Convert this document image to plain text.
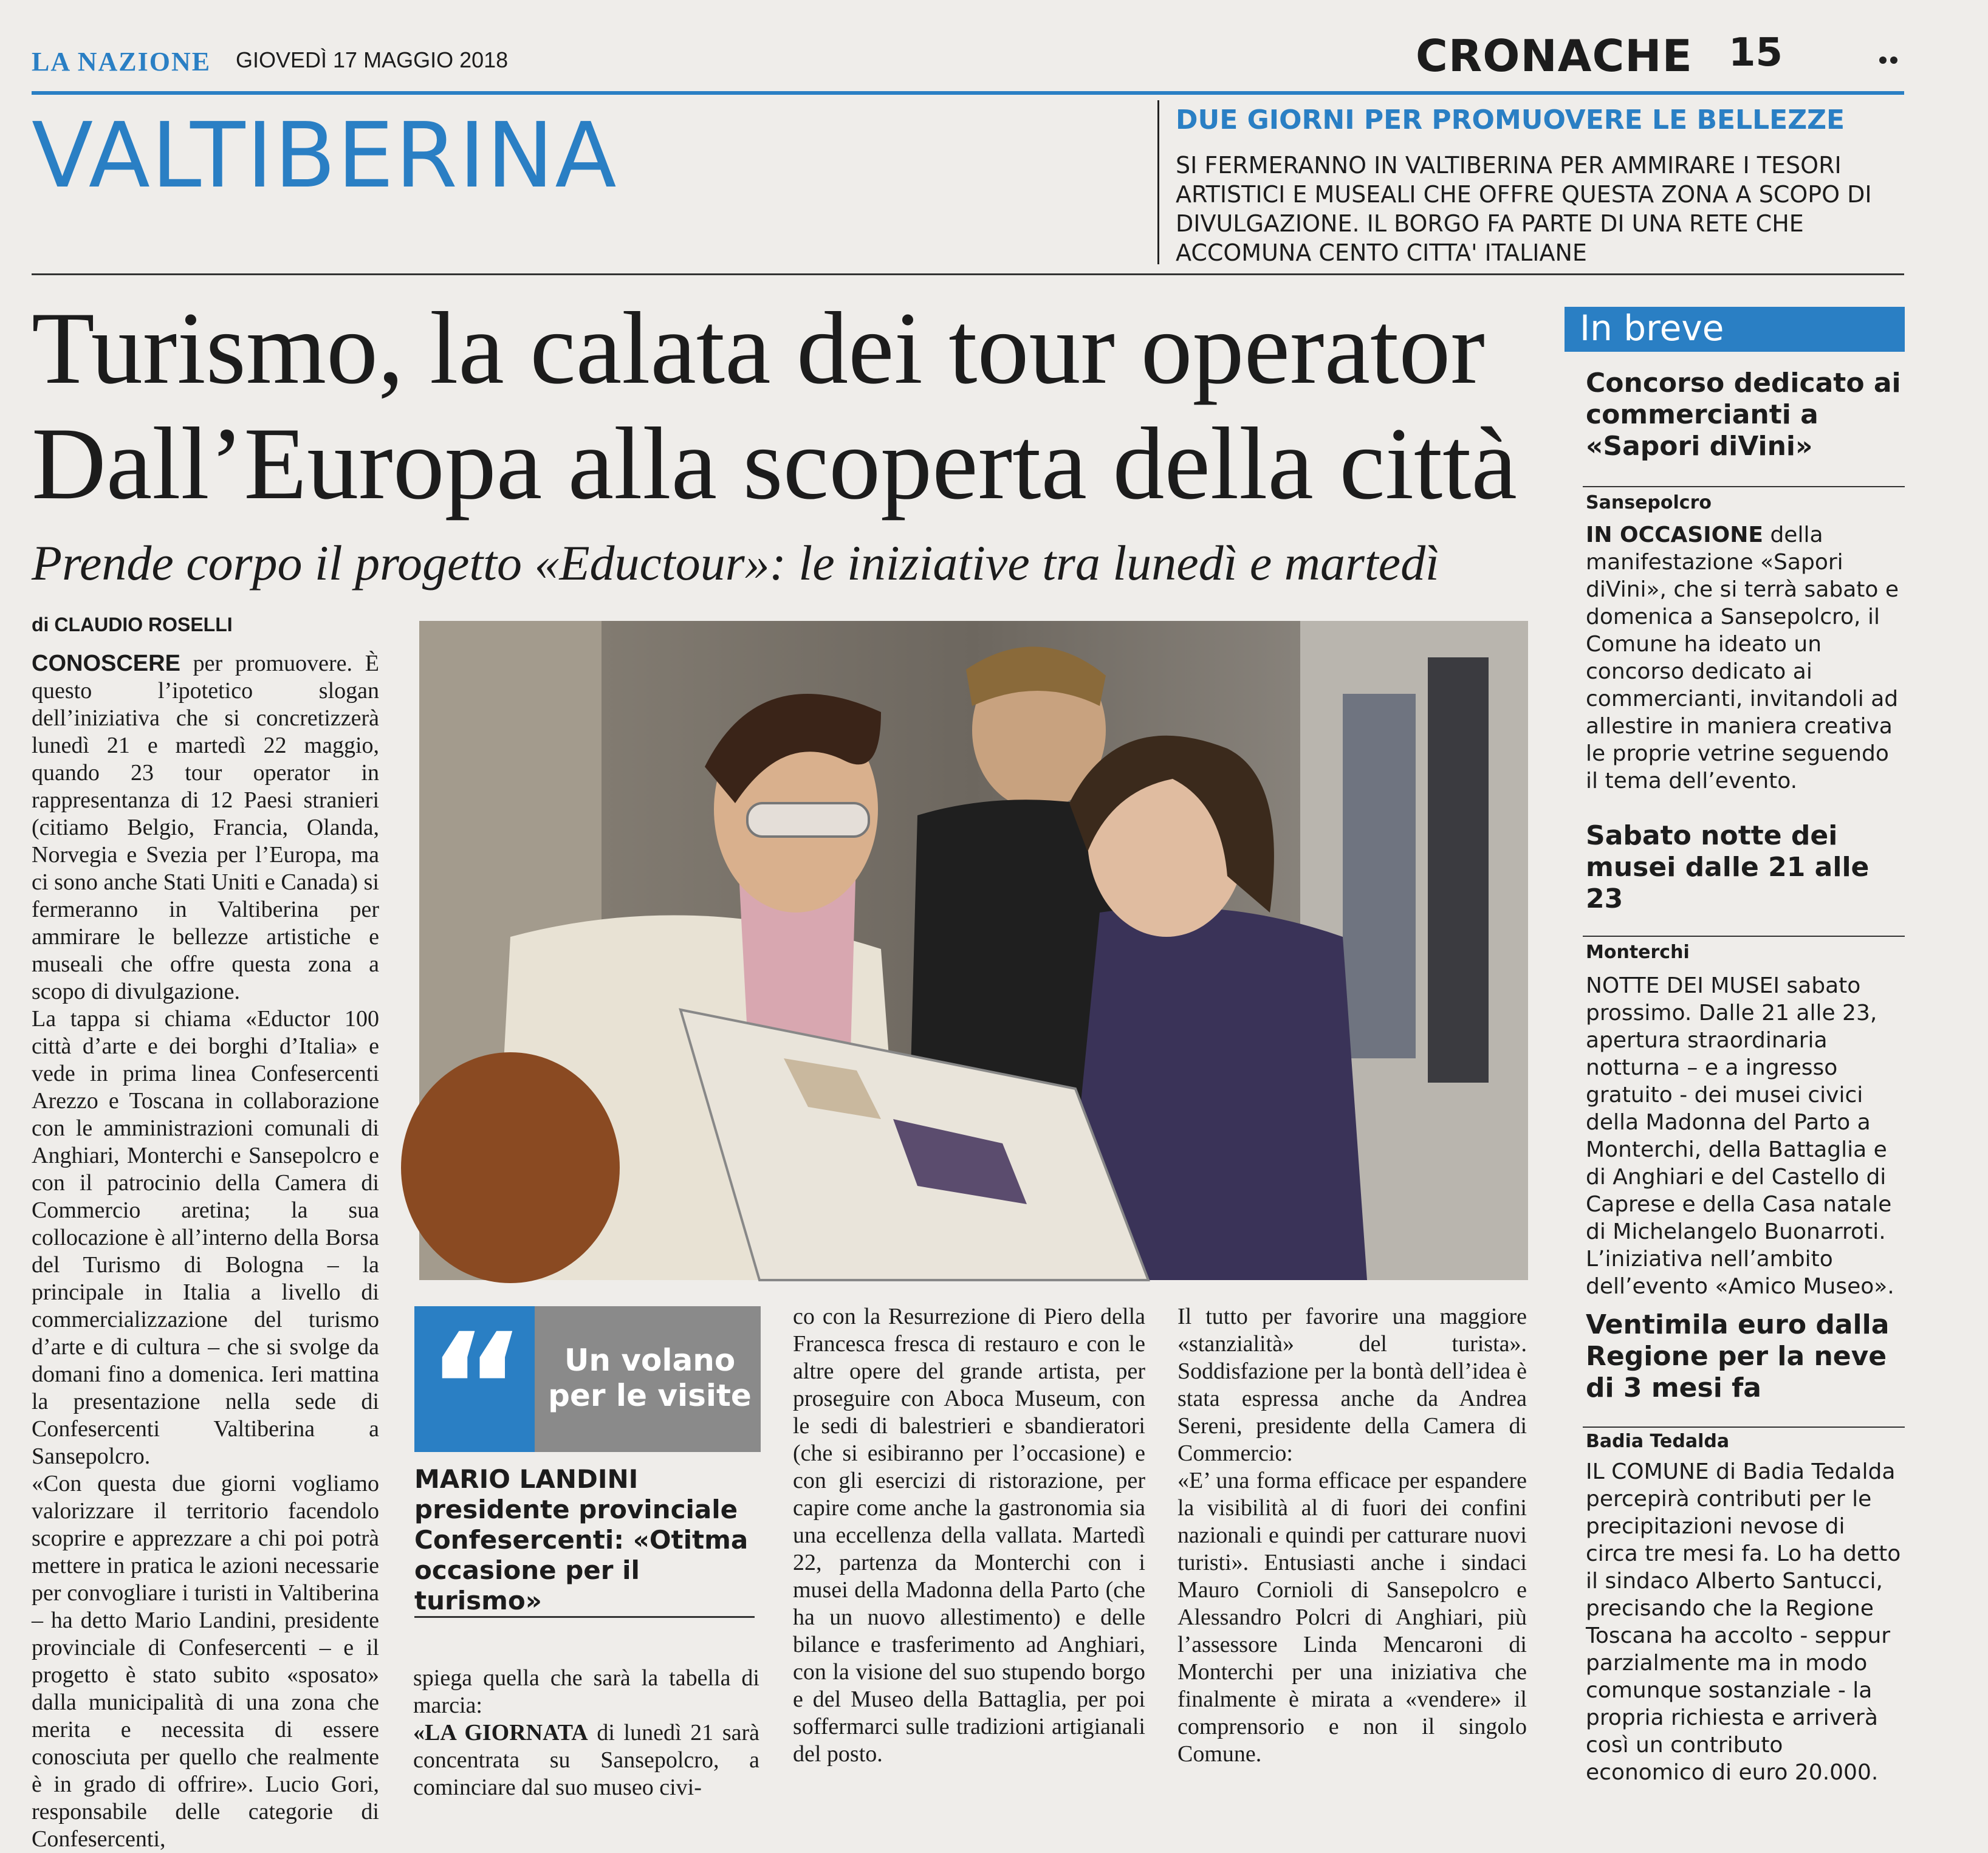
LA NAZIONE GIOVEDÌ 17 MAGGIO 2018	CRONACHE 15
VALTIBERINA	DUE GIORNI PER PROMUOVERE LE BELLEZZE
SI FERMERANNO IN VALTIBERINA PER AMMIRARE I TESORI ARTISTICI E MUSEALI CHE OFFRE QUESTA ZONA A SCOPO DI DIVULGAZIONE. IL BORGO FA PARTE DI UNA RETE CHE ACCOMUNA CENTO CITTA' ITALIANE
Turismo, la calata dei tour operator
Dall’Europa alla scoperta della città
Prende corpo il progetto «Eductour»: le iniziative tra lunedì e martedì
di CLAUDIO ROSELLI

CONOSCERE per promuovere. È questo l’ipotetico slogan dell’iniziativa che si concretizzerà lunedì 21 e martedì 22 maggio, quando 23 tour operator in rappresentanza di 12 Paesi stranieri (citiamo Belgio, Francia, Olanda, Norvegia e Svezia per l’Europa, ma ci sono anche Stati Uniti e Canada) si fermeranno in Valtiberina per ammirare le bellezze artistiche e museali che offre questa zona a scopo di divulgazione.

La tappa si chiama «Eductor 100 città d’arte e dei borghi d’Italia» e vede in prima linea Confesercenti Arezzo e Toscana in collaborazione con le amministrazioni comunali di Anghiari, Monterchi e Sansepolcro e con il patrocinio della Camera di Commercio aretina; la sua collocazione è all’interno della Borsa del Turismo di Bologna – la principale in Italia a livello di commercializzazione del turismo d’arte e di cultura – che si svolge da domani fino a domenica. Ieri mattina la presentazione nella sede di Confesercenti Valtiberina a Sansepolcro.

«Con questa due giorni vogliamo valorizzare il territorio facendolo scoprire e apprezzare a chi poi potrà mettere in pratica le azioni necessarie per convogliare i turisti in Valtiberina – ha detto Mario Landini, presidente provinciale di Confesercenti – e il progetto è stato subito «sposato» dalla municipalità di una zona che merita e necessita di essere conosciuta per quello che realmente è in grado di offrire». Lucio Gori, responsabile delle categorie di Confesercenti,

“	Un volano per le visite
MARIO LANDINI
presidente provinciale Confesercenti: «Otitma occasione per il turismo»

spiega quella che sarà la tabella di marcia:

«LA GIORNATA di lunedì 21 sarà concentrata su Sansepolcro, a cominciare dal suo museo civi-

co con la Resurrezione di Piero della Francesca fresca di restauro e con le altre opere del grande artista, per proseguire con Aboca Museum, con le sedi di balestrieri e sbandieratori (che si esibiranno per l’occasione) e con gli esercizi di ristorazione, per capire come anche la gastronomia sia una eccellenza della vallata. Martedì 22, partenza da Monterchi con i musei della Madonna della Parto (che ha un nuovo allestimento) e delle bilance e trasferimento ad Anghiari, con la visione del suo stupendo borgo e del Museo della Battaglia, per poi soffermarci sulle tradizioni artigianali del posto.

Il tutto per favorire una maggiore «stanzialità» del turista». Soddisfazione per la bontà dell’idea è stata espressa anche da Andrea Sereni, presidente della Camera di Commercio:

«E’ una forma efficace per espandere la visibilità al di fuori dei confini nazionali e quindi per catturare nuovi turisti». Entusiasti anche i sindaci Mauro Cornioli di Sansepolcro e Alessandro Polcri di Anghiari, più l’assessore Linda Mencaroni di Monterchi per una iniziativa che finalmente è mirata a «vendere» il comprensorio e non il singolo Comune.

In breve
Concorso dedicato ai commercianti a «Sapori diVini»
Sansepolcro
IN OCCASIONE della manifestazione «Sapori diVini», che si terrà sabato e domenica a Sansepolcro, il Comune ha ideato un concorso dedicato ai commercianti, invitandoli ad allestire in maniera creativa le proprie vetrine seguendo il tema dell’evento.
Sabato notte dei musei dalle 21 alle 23
Monterchi
NOTTE DEI MUSEI sabato prossimo. Dalle 21 alle 23, apertura straordinaria notturna – e a ingresso gratuito - dei musei civici della Madonna del Parto a Monterchi, della Battaglia e di Anghiari e del Castello di Caprese e della Casa natale di Michelangelo Buonarroti. L’iniziativa nell’ambito dell’evento «Amico Museo».
Ventimila euro dalla Regione per la neve di 3 mesi fa
Badia Tedalda
IL COMUNE di Badia Tedalda percepirà contributi per le precipitazioni nevose di circa tre mesi fa. Lo ha detto il sindaco Alberto Santucci, precisando che la Regione Toscana ha accolto - seppur parzialmente ma in modo comunque sostanziale - la propria richiesta e arriverà così un contributo economico di euro 20.000.
